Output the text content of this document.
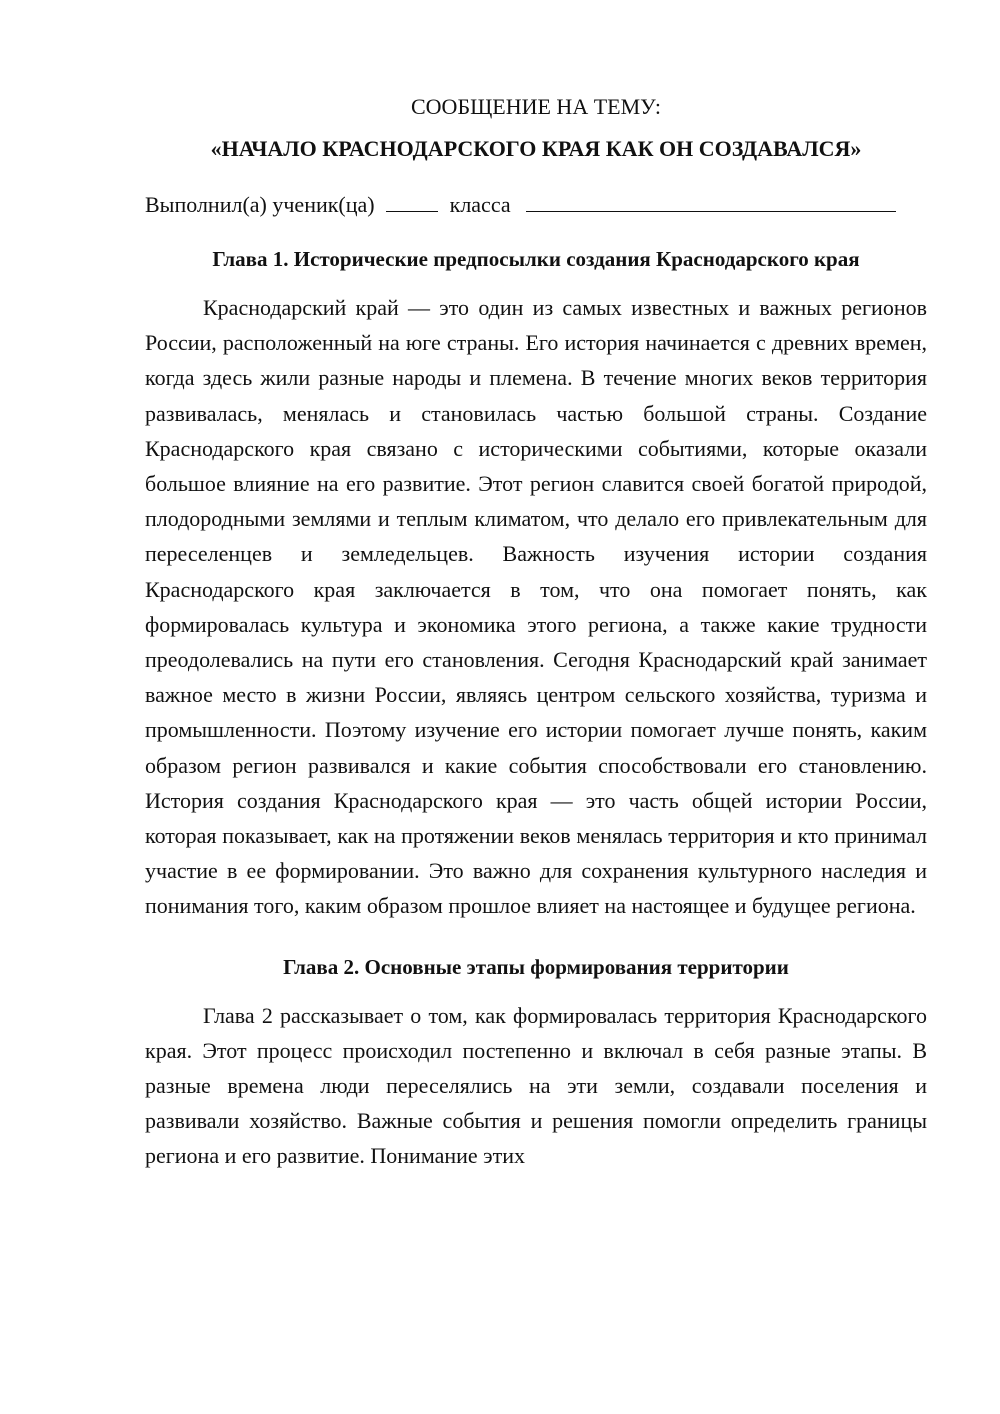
СООБЩЕНИЕ НА ТЕМУ:

«НАЧАЛО КРАСНОДАРСКОГО КРАЯ КАК ОН СОЗДАВАЛСЯ»

Выполнил(а) ученик(ца)	класса

Глава 1. Исторические предпосылки создания Краснодарского края

Краснодарский край — это один из самых известных и важных регионов России, расположенный на юге страны. Его история начинается с древних времен, когда здесь жили разные народы и племена. В течение многих веков территория развивалась, менялась и становилась частью большой страны. Создание Краснодарского края связано с историческими событиями, которые оказали большое влияние на его развитие. Этот регион славится своей богатой природой, плодородными землями и теплым климатом, что делало его привлекательным для переселенцев и земледельцев. Важность изучения истории создания Краснодарского края заключается в том, что она помогает понять, как формировалась культура и экономика этого региона, а также какие трудности преодолевались на пути его становления. Сегодня Краснодарский край занимает важное место в жизни России, являясь центром сельского хозяйства, туризма и промышленности. Поэтому изучение его истории помогает лучше понять, каким образом регион развивался и какие события способствовали его становлению. История создания Краснодарского края — это часть общей истории России, которая показывает, как на протяжении веков менялась территория и кто принимал участие в ее формировании. Это важно для сохранения культурного наследия и понимания того, каким образом прошлое влияет на настоящее и будущее региона.

Глава 2. Основные этапы формирования территории

Глава 2 рассказывает о том, как формировалась территория Краснодарского края. Этот процесс происходил постепенно и включал в себя разные этапы. В разные времена люди переселялись на эти земли, создавали поселения и развивали хозяйство. Важные события и решения помогли определить границы региона и его развитие. Понимание этих
